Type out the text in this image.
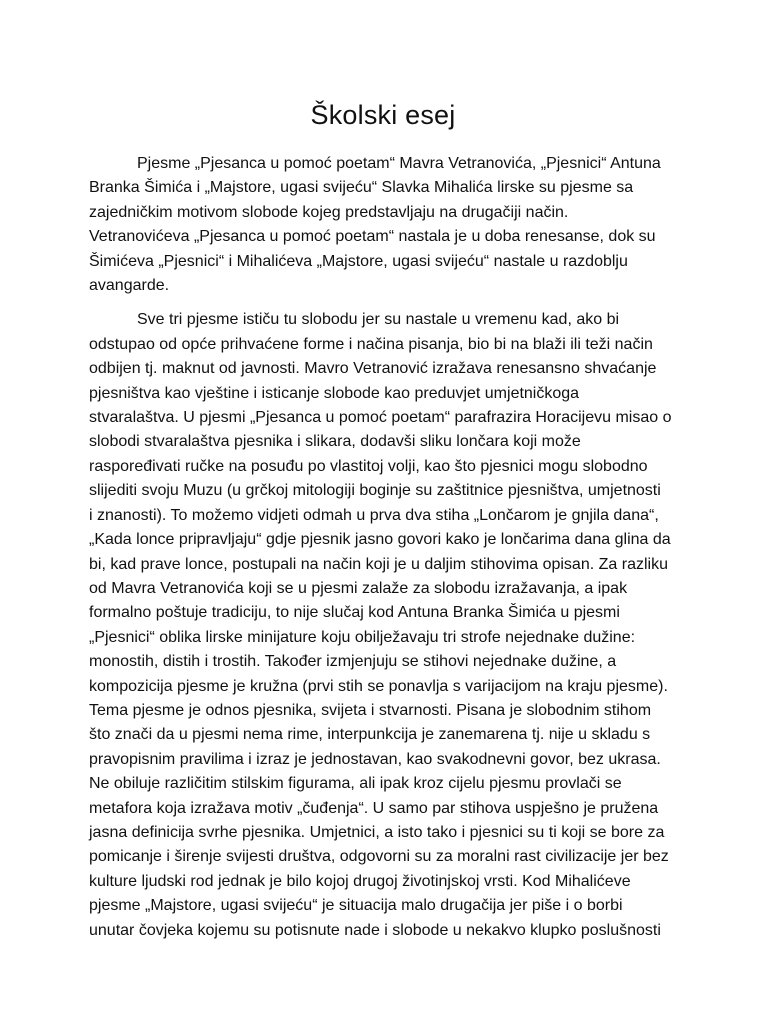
Školski esej

Pjesme „Pjesanca u pomoć poetam“ Mavra Vetranovića, „Pjesnici“ Antuna
Branka Šimića i „Majstore, ugasi svijeću“ Slavka Mihalića lirske su pjesme sa
zajedničkim motivom slobode kojeg predstavljaju na drugačiji način.
Vetranovićeva „Pjesanca u pomoć poetam“ nastala je u doba renesanse, dok su
Šimićeva „Pjesnici“ i Mihalićeva „Majstore, ugasi svijeću“ nastale u razdoblju
avangarde.

Sve tri pjesme ističu tu slobodu jer su nastale u vremenu kad, ako bi
odstupao od opće prihvaćene forme i načina pisanja, bio bi na blaži ili teži način
odbijen tj. maknut od javnosti. Mavro Vetranović izražava renesansno shvaćanje
pjesništva kao vještine i isticanje slobode kao preduvjet umjetničkoga
stvaralaštva. U pjesmi „Pjesanca u pomoć poetam“ parafrazira Horacijevu misao o
slobodi stvaralaštva pjesnika i slikara, dodavši sliku lončara koji može
raspoređivati ručke na posuđu po vlastitoj volji, kao što pjesnici mogu slobodno
slijediti svoju Muzu (u grčkoj mitologiji boginje su zaštitnice pjesništva, umjetnosti
i znanosti). To možemo vidjeti odmah u prva dva stiha „Lončarom je gnjila dana“,
„Kada lonce pripravljaju“ gdje pjesnik jasno govori kako je lončarima dana glina da
bi, kad prave lonce, postupali na način koji je u daljim stihovima opisan. Za razliku
od Mavra Vetranovića koji se u pjesmi zalaže za slobodu izražavanja, a ipak
formalno poštuje tradiciju, to nije slučaj kod Antuna Branka Šimića u pjesmi
„Pjesnici“ oblika lirske minijature koju obilježavaju tri strofe nejednake dužine:
monostih, distih i trostih. Također izmjenjuju se stihovi nejednake dužine, a
kompozicija pjesme je kružna (prvi stih se ponavlja s varijacijom na kraju pjesme).
Tema pjesme je odnos pjesnika, svijeta i stvarnosti. Pisana je slobodnim stihom
što znači da u pjesmi nema rime, interpunkcija je zanemarena tj. nije u skladu s
pravopisnim pravilima i izraz je jednostavan, kao svakodnevni govor, bez ukrasa.
Ne obiluje različitim stilskim figurama, ali ipak kroz cijelu pjesmu provlači se
metafora koja izražava motiv „čuđenja“. U samo par stihova uspješno je pružena
jasna definicija svrhe pjesnika. Umjetnici, a isto tako i pjesnici su ti koji se bore za
pomicanje i širenje svijesti društva, odgovorni su za moralni rast civilizacije jer bez
kulture ljudski rod jednak je bilo kojoj drugoj životinjskoj vrsti. Kod Mihalićeve
pjesme „Majstore, ugasi svijeću“ je situacija malo drugačija jer piše i o borbi
unutar čovjeka kojemu su potisnute nade i slobode u nekakvo klupko poslušnosti
